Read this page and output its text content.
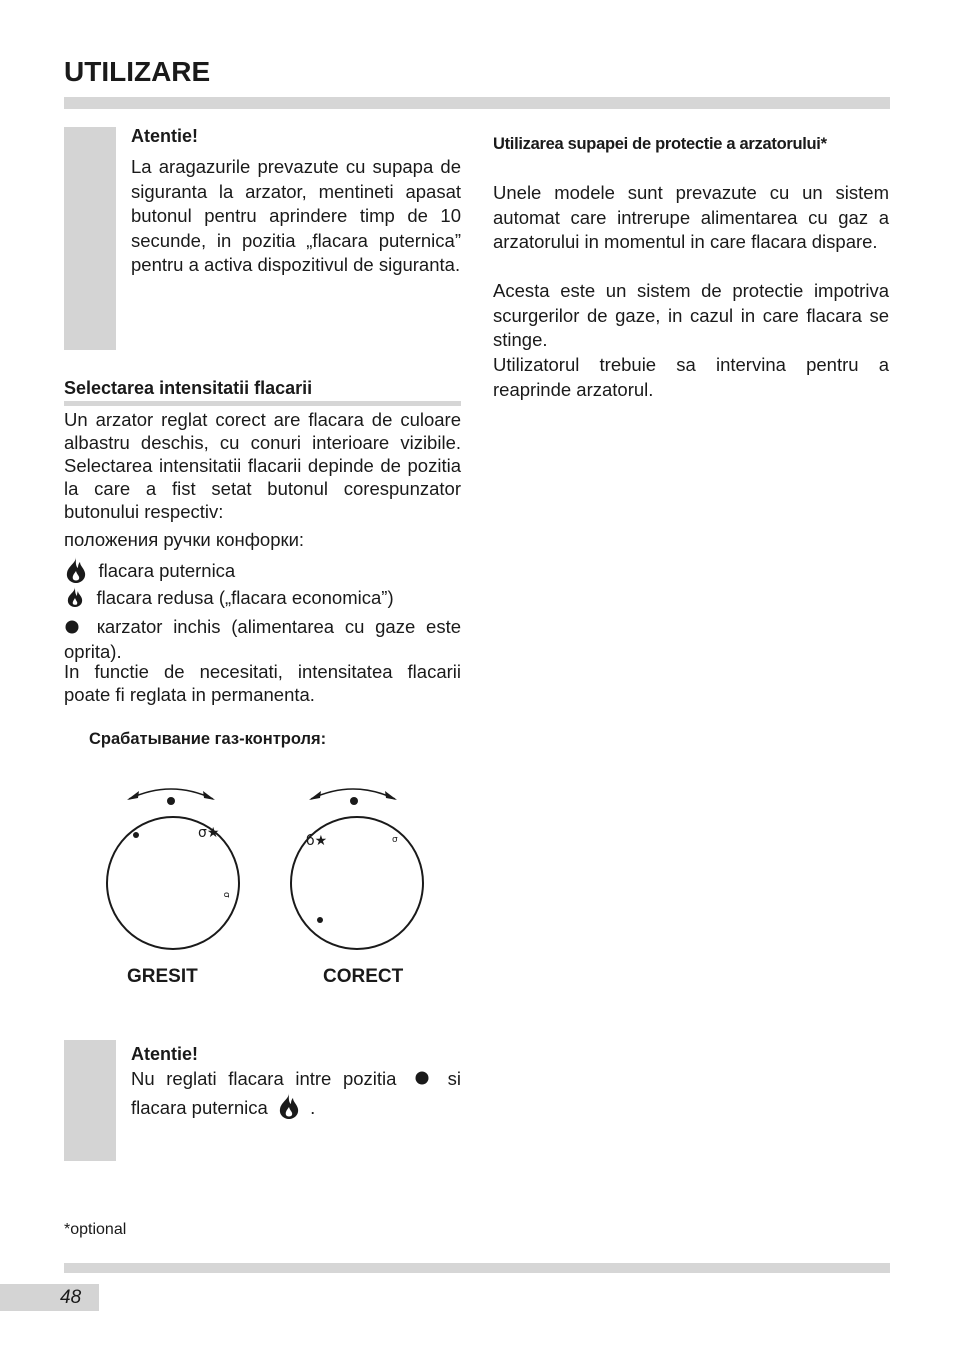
UTILIZARE
Atentie!
La aragazurile prevazute cu supapa de siguranta la arzator, mentineti apasat butonul pentru aprindere timp de 10 secunde, in pozitia „flacara puternica” pentru a activa dispozitivul de siguranta.
Selectarea intensitatii flacarii
Un arzator reglat corect are flacara de culoare albastru deschis, cu conuri interioare vizibile. Selectarea intensitatii flacarii depinde de pozitia la care a fist setat butonul corespunzator butonului respectiv:
положения ручки конфорки:
flacara puternica
flacara redusa („flacara economica”)
кarzator inchis (alimentarea cu gaze este oprita).
In functie de necesitati, intensitatea flacarii poate fi reglata in permanenta.
Срабатывание газ-контроля:
σ★
σ
б★	σ
GRESIT	CORECT
Atentie!
Nu reglati flacara intre pozitia	si flacara puternica .
*optional
Utilizarea supapei de protectie a arzatorului*
Unele modele sunt prevazute cu un sistem automat care intrerupe alimentarea cu gaz a arzatorului in momentul in care flacara dispare.
Acesta este un sistem de protectie impotriva scurgerilor de gaze, in cazul in care flacara se stinge.
Utilizatorul trebuie sa intervina pentru a reaprinde arzatorul.
48
